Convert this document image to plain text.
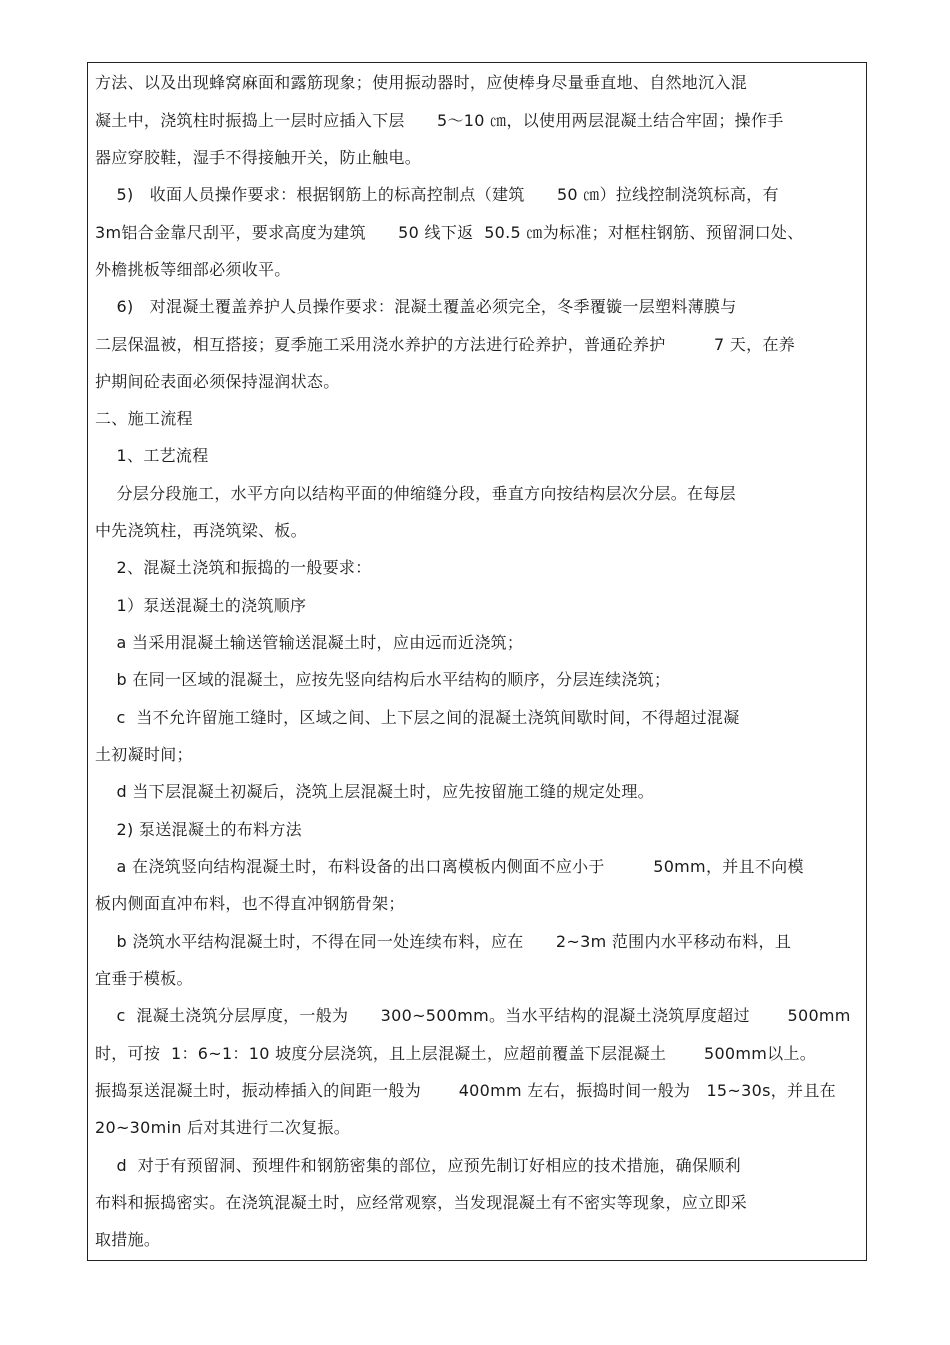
方法、以及出现蜂窝麻面和露筋现象；使用振动器时，应使棒身尽量垂直地、自然地沉入混
凝土中，浇筑柱时振捣上一层时应插入下层      5～10 ㎝，以使用两层混凝土结合牢固；操作手
器应穿胶鞋，湿手不得接触开关，防止触电。
5)   收面人员操作要求：根据钢筋上的标高控制点（建筑      50 ㎝）拉线控制浇筑标高，有
3m铝合金靠尺刮平，要求高度为建筑      50 线下返  50.5 ㎝为标准；对框柱钢筋、预留洞口处、
外檐挑板等细部必须收平。
6)   对混凝土覆盖养护人员操作要求：混凝土覆盖必须完全，冬季覆镟一层塑料薄膜与
二层保温被，相互搭接；夏季施工采用浇水养护的方法进行砼养护，普通砼养护         7 天，在养
护期间砼表面必须保持湿润状态。
二、施工流程
1、工艺流程
分层分段施工，水平方向以结构平面的伸缩缝分段，垂直方向按结构层次分层。在每层
中先浇筑柱，再浇筑梁、板。
2、混凝土浇筑和振捣的一般要求：
1）泵送混凝土的浇筑顺序
a 当采用混凝土输送管输送混凝土时，应由远而近浇筑；
b 在同一区域的混凝土，应按先竖向结构后水平结构的顺序，分层连续浇筑；
c  当不允许留施工缝时，区域之间、上下层之间的混凝土浇筑间歇时间，不得超过混凝
土初凝时间；
d 当下层混凝土初凝后，浇筑上层混凝土时，应先按留施工缝的规定处理。
2) 泵送混凝土的布料方法
a 在浇筑竖向结构混凝土时，布料设备的出口离模板内侧面不应小于         50mm，并且不向模
板内侧面直冲布料，也不得直冲钢筋骨架；
b 浇筑水平结构混凝土时，不得在同一处连续布料，应在      2~3m 范围内水平移动布料，且
宜垂于模板。
c  混凝土浇筑分层厚度，一般为      300~500mm。当水平结构的混凝土浇筑厚度超过       500mm
时，可按  1：6~1：10 坡度分层浇筑，且上层混凝土，应超前覆盖下层混凝土       500mm以上。
振捣泵送混凝土时，振动棒插入的间距一般为       400mm 左右，振捣时间一般为   15~30s，并且在
20~30min 后对其进行二次复振。
d  对于有预留洞、预埋件和钢筋密集的部位，应预先制订好相应的技术措施，确保顺利
布料和振捣密实。在浇筑混凝土时，应经常观察，当发现混凝土有不密实等现象，应立即采
取措施。
